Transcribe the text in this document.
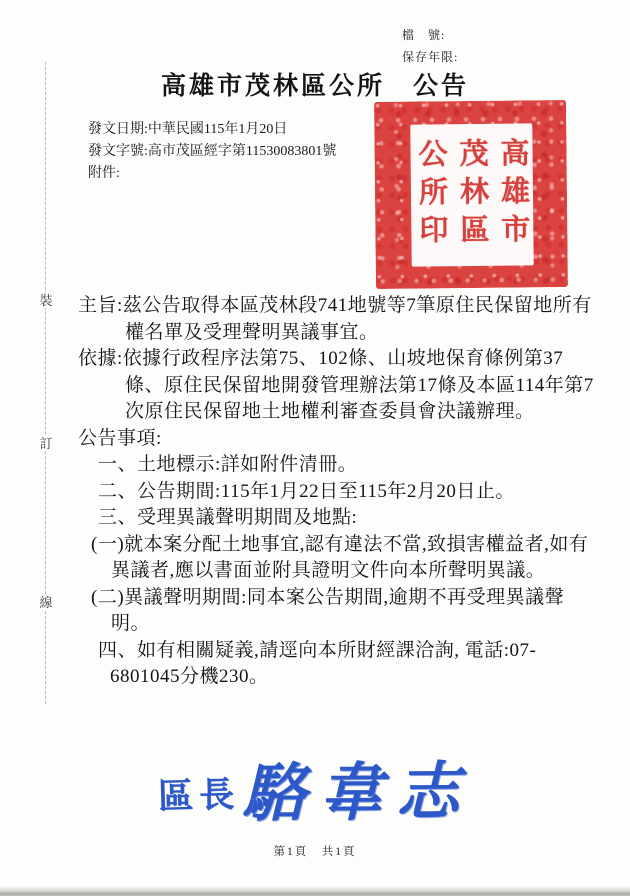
檔　號:
保存年限:
高雄市茂林區公所　公告
發文日期:中華民國115年1月20日
發文字號:高市茂區經字第11530083801號
附件:	高雄市
茂林區
公所印
裝
訂
線
主旨:茲公告取得本區茂林段741地號等7筆原住民保留地所有權名單及受理聲明異議事宜。
依據:依據行政程序法第75、102條、山坡地保育條例第37條、原住民保留地開發管理辦法第17條及本區114年第7次原住民保留地土地權利審查委員會決議辦理。
公告事項:
一、土地標示:詳如附件清冊。
二、公告期間:115年1月22日至115年2月20日止。
三、受理異議聲明期間及地點:
(一)就本案分配土地事宜,認有違法不當,致損害權益者,如有異議者,應以書面並附具證明文件向本所聲明異議。
(二)異議聲明期間:同本案公告期間,逾期不再受理異議聲明。
四、如有相關疑義,請逕向本所財經課洽詢, 電話:07-6801045分機230。
區長 駱韋志
第1頁　共1頁
